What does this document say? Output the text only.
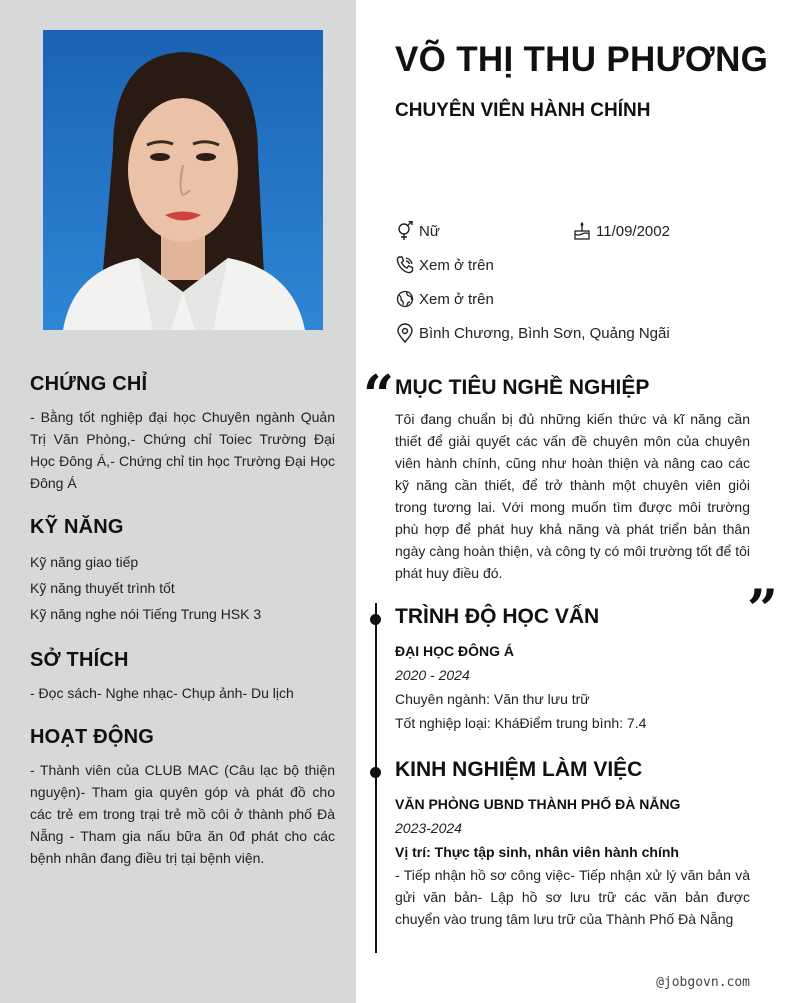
CHỨNG CHỈ

- Bằng tốt nghiệp đại học Chuyên ngành Quản Trị Văn Phòng,- Chứng chỉ Toiec Trường Đại Học Đông Á,- Chứng chỉ tin học Trường Đại Học Đông Á

KỸ NĂNG
Kỹ năng giao tiếp
Kỹ năng thuyết trình tốt
Kỹ năng nghe nói Tiếng Trung HSK 3
SỞ THÍCH

- Đọc sách- Nghe nhạc- Chụp ảnh- Du lịch

HOẠT ĐỘNG

- Thành viên của CLUB MAC (Câu lạc bộ thiện nguyện)- Tham gia quyên góp và phát đồ cho các trẻ em trong trại trẻ mồ côi ở thành phố Đà Nẵng - Tham gia nấu bữa ăn 0đ phát cho các bệnh nhân đang điều trị tại bệnh viện.

VÕ THỊ THU PHƯƠNG
CHUYÊN VIÊN HÀNH CHÍNH
Nữ	11/09/2002
Xem ở trên
Xem ở trên
Bình Chương, Bình Sơn, Quảng Ngãi
“ MỤC TIÊU NGHỀ NGHIỆP

Tôi đang chuẩn bị đủ những kiến thức và kĩ năng cần thiết để giải quyết các vấn đề chuyên môn của chuyên viên hành chính, cũng như hoàn thiện và nâng cao các kỹ năng cần thiết, để trở thành một chuyên viên giỏi trong tương lai. Với mong muốn tìm được môi trường phù hợp để phát huy khả năng và phát triển bản thân ngày càng hoàn thiện, và công ty có môi trường tốt để tôi phát huy điều đó.

”
TRÌNH ĐỘ HỌC VẤN
ĐẠI HỌC ĐÔNG Á
2020 - 2024
Chuyên ngành: Văn thư lưu trữ
Tốt nghiệp loại: KháĐiểm trung bình: 7.4
KINH NGHIỆM LÀM VIỆC
VĂN PHÒNG UBND THÀNH PHỐ ĐÀ NẴNG
2023-2024
Vị trí: Thực tập sinh, nhân viên hành chính

- Tiếp nhận hồ sơ công việc- Tiếp nhận xử lý văn bản và gửi văn bản- Lập hồ sơ lưu trữ các văn bản được chuyển vào trung tâm lưu trữ của Thành Phố Đà Nẵng

@jobgovn.com
